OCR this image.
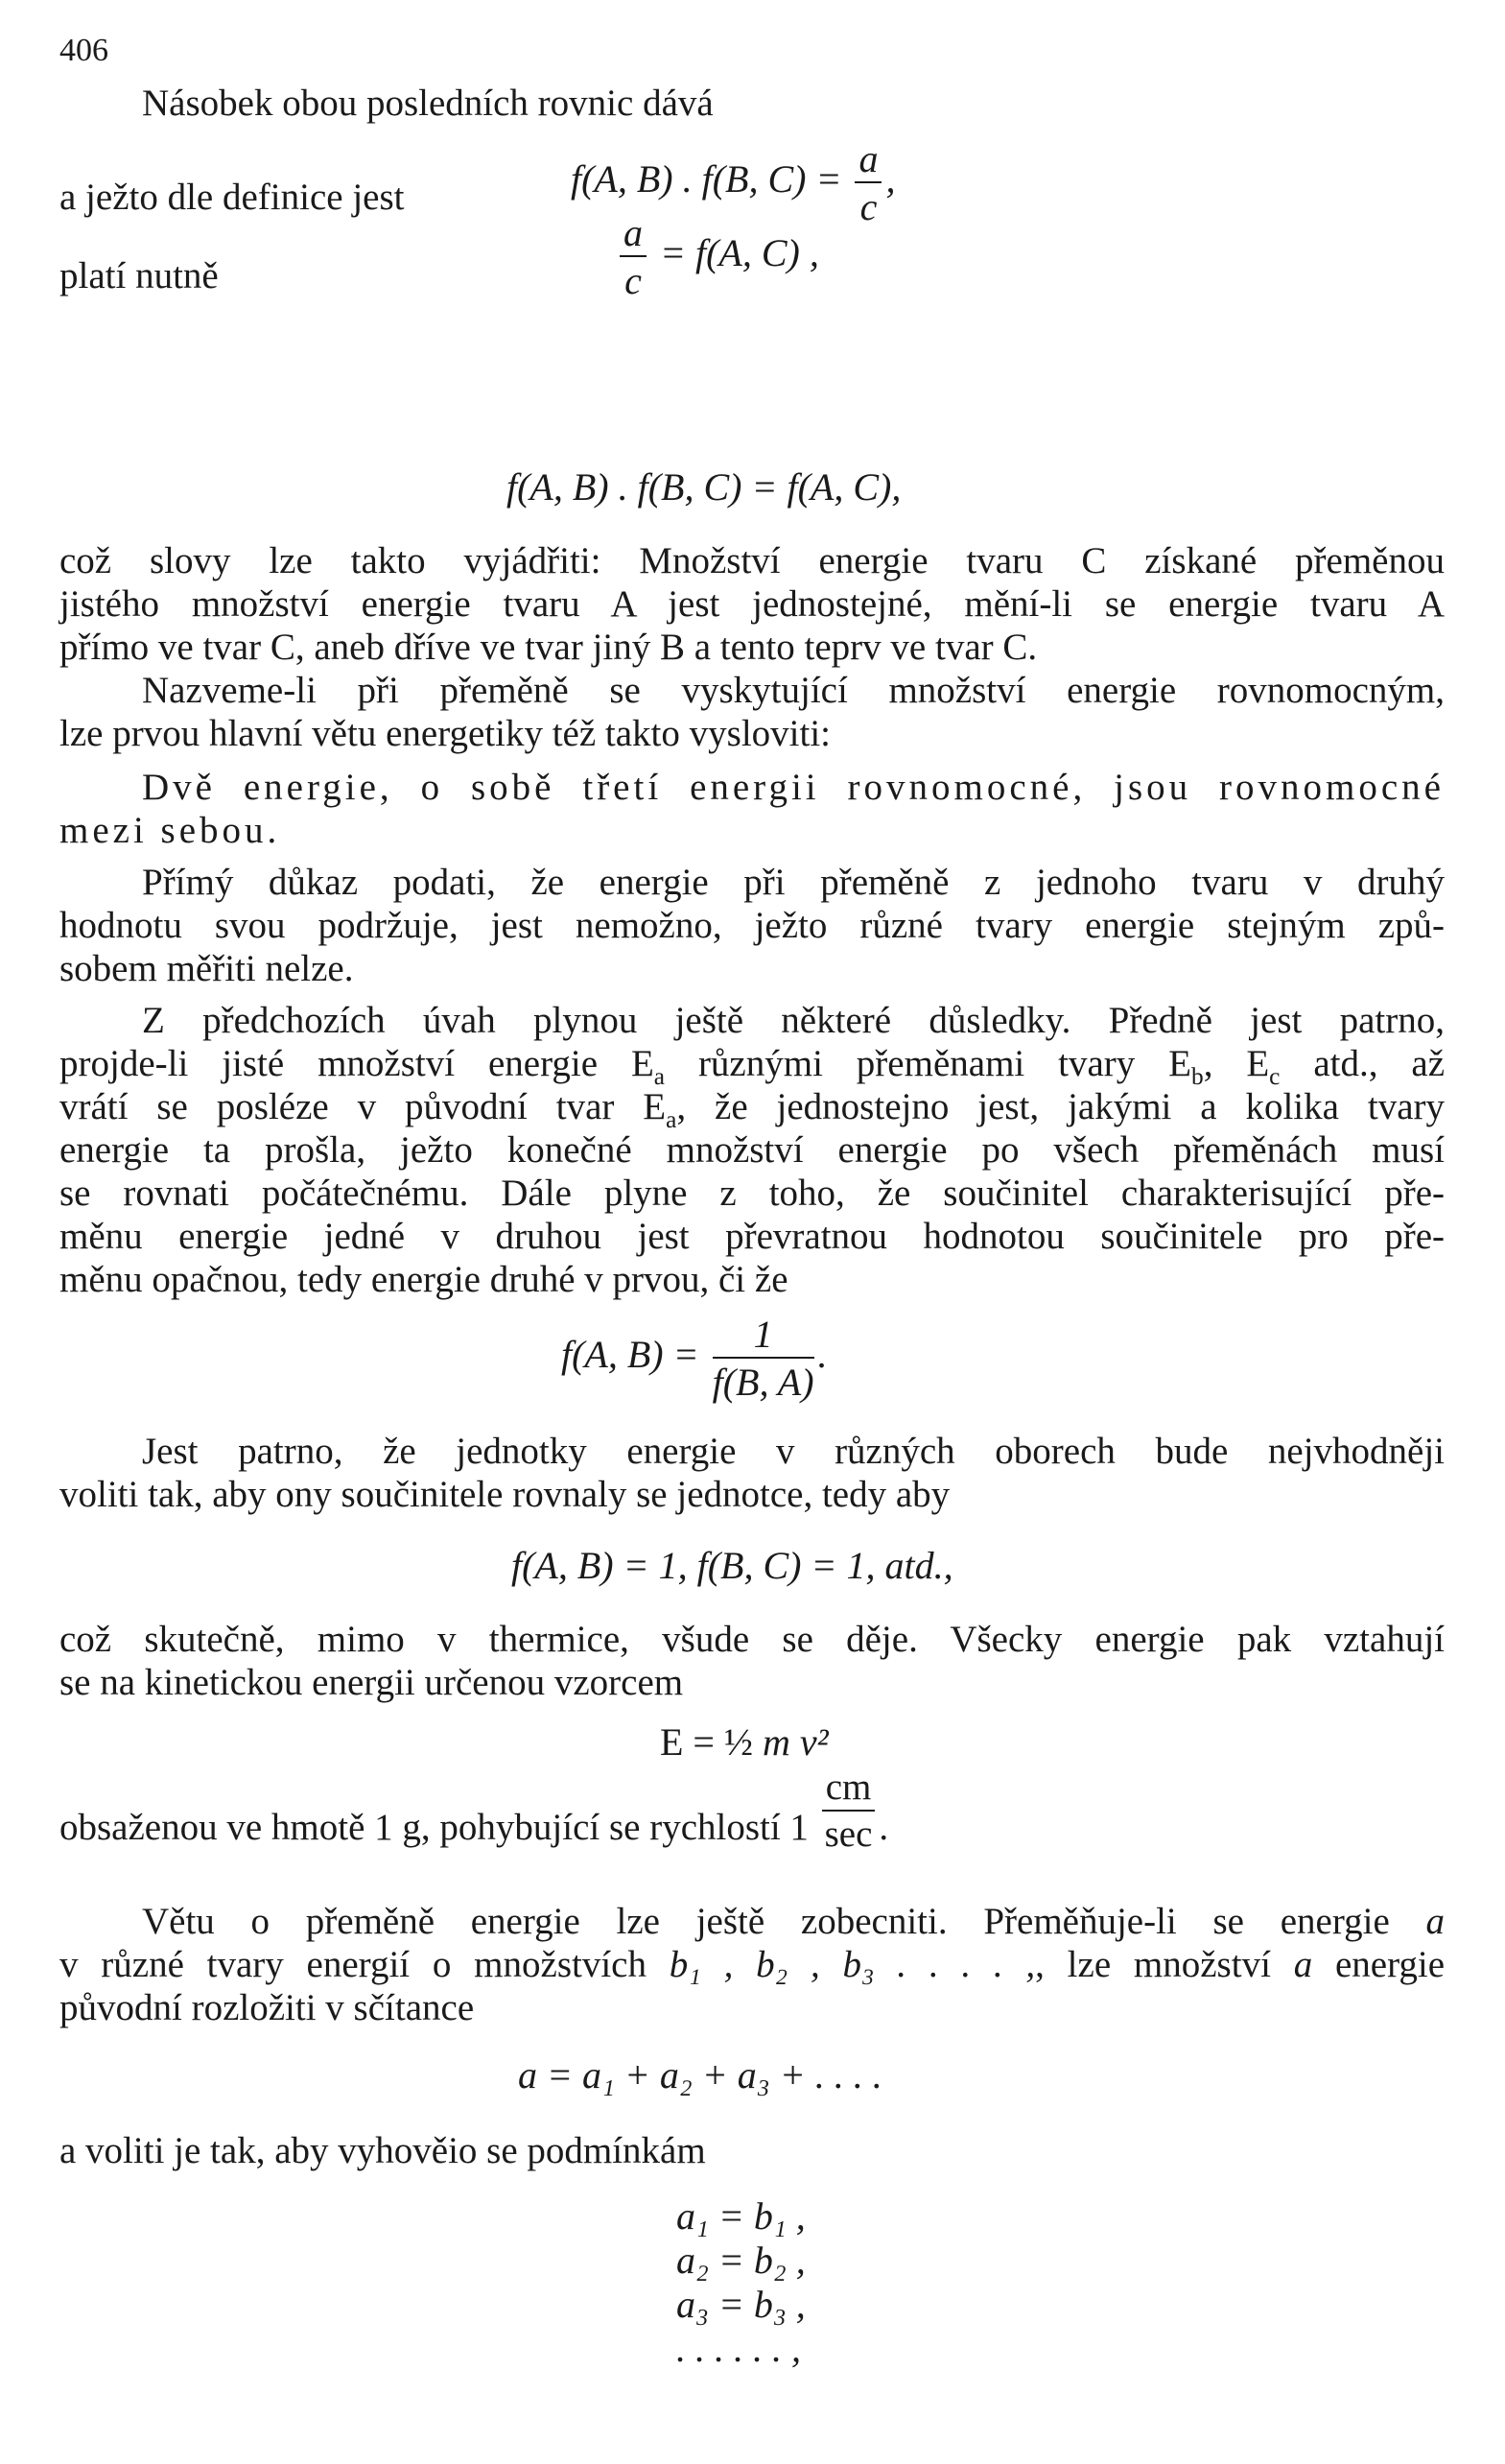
406
Násobek obou posledních rovnic dává
f(A, B) . f(B, $C) = \frac{a}{c}$ ,
a ježto dle definice jest
$\frac{a}{c} = f(A$, C) ,
platí nutně
f(A, B) . f(B, C) = f(A, C),
což slovy lze takto vyjádřiti: Množství energie tvaru C získané přeměnou
jistého množství energie tvaru A jest jednostejné, mění-li se energie tvaru A
přímo ve tvar C, aneb dříve ve tvar jiný B a tento teprv ve tvar C.
Nazveme-li při přeměně se vyskytující množství energie rovnomocným,
lze prvou hlavní větu energetiky též takto vysloviti:
Dvě energie, o sobě třetí energii rovnomocné, jsou rovnomocné
mezi sebou.
Přímý důkaz podati, že energie při přeměně z jednoho tvaru v druhý
hodnotu svou podržuje, jest nemožno, ježto různé tvary energie stejným způ-
sobem měřiti nelze.
Z předchozích úvah plynou ještě některé důsledky. Předně jest patrno,
projde-li jisté množství energie $E_a$ různými přeměnami tvary $E_b$, $E_c$ atd., až
vrátí se posléze v původní tvar $E_a$, že jednostejno jest, jakými a kolika tvary
energie ta prošla, ježto konečné množství energie po všech přeměnách musí
se rovnati počátečnému. Dále plyne z toho, že součinitel charakterisující pře-
měnu energie jedné v druhou jest převratnou hodnotou součinitele pro pře-
měnu opačnou, tedy energie druhé v prvou, či že
f(A, $B) = \frac{1}{f(B, A)}$ .
Jest patrno, že jednotky energie v různých oborech bude nejvhodněji
voliti tak, aby ony součinitele rovnaly se jednotce, tedy aby
f(A, B) = 1, f(B, C) = 1, atd.,
což skutečně, mimo v thermice, všude se děje. Všecky energie pak vztahují
se na kinetickou energii určenou vzorcem
E = ½ m v²
obsaženou ve hmotě 1 g, pohybující se rychlostí $1 \frac{cm}{\sec}$ .
Větu o přeměně energie lze ještě zobecniti. Přeměňuje-li se energie a
v různé tvary energií o množstvích b₁ , b₂ , b₃ . . . . ,, lze množství a energie
původní rozložiti v sčítance
a = a₁ + a₂ + a₃ + . . . .
a voliti je tak, aby vyhověio se podmínkám
a₁ = b₁ ,
a₂ = b₂ ,
a₃ = b₃ ,
. . . . . . ,
